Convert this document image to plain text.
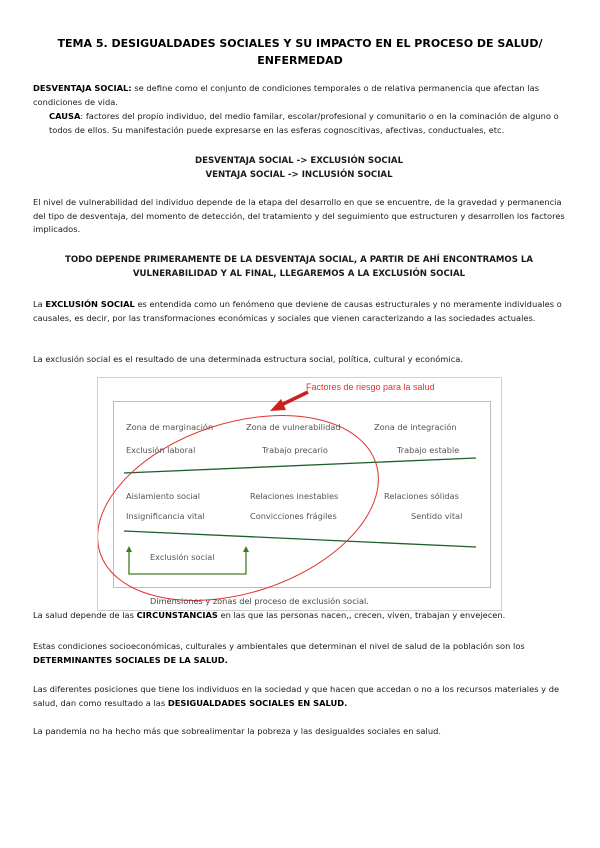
TEMA 5. DESIGUALDADES SOCIALES Y SU IMPACTO EN EL PROCESO DE SALUD/
ENFERMEDAD
DESVENTAJA SOCIAL: se define como el conjunto de condiciones temporales o de relativa permanencia que afectan las condiciones de vida.
CAUSA: factores del propio individuo, del medio familar, escolar/profesional y comunitario o en la cominación de alguno o todos de ellos. Su manifestación puede expresarse en las esferas cognoscitivas, afectivas, conductuales, etc.
DESVENTAJA SOCIAL -> EXCLUSIÓN SOCIAL
VENTAJA SOCIAL -> INCLUSIÓN SOCIAL
El nivel de vulnerabilidad del individuo depende de la etapa del desarrollo en que se encuentre, de la gravedad y permanencia del tipo de desventaja, del momento de detección, del tratamiento y del seguimiento que estructuren y desarrollen los factores implicados.
TODO DEPENDE PRIMERAMENTE DE LA DESVENTAJA SOCIAL, A PARTIR DE AHÍ ENCONTRAMOS LA
VULNERABILIDAD Y AL FINAL, LLEGAREMOS A LA EXCLUSIÓN SOCIAL
La EXCLUSIÓN SOCIAL es entendida como un fenómeno que deviene de causas estructurales y no meramente individuales o causales, es decir, por las transformaciones económicas y sociales que vienen caracterizando a las sociedades actuales.
La exclusión social es el resultado de una determinada estructura social, política, cultural y económica.
Factores de riesgo para la salud
Zona de marginación	Zona de vulnerabilidad	Zona de integración
Exclusión laboral	Trabajo precario	Trabajo estable
Aislamiento social	Relaciones inestables	Relaciones sólidas
Insignificancia vital	Convicciones frágiles	Sentido vital
Exclusión social
Dimensiones y zonas del proceso de exclusión social.
La salud depende de las CIRCUNSTANCIAS en las que las personas nacen,, crecen, viven, trabajan y envejecen.
Estas condiciones socioeconómicas, culturales y ambientales que determinan el nivel de salud de la población son los DETERMINANTES SOCIALES DE LA SALUD.
Las diferentes posiciones que tiene los individuos en la sociedad y que hacen que accedan o no a los recursos materiales y de salud, dan como resultado a las DESIGUALDADES SOCIALES EN SALUD.
La pandemia no ha hecho más que sobrealimentar la pobreza y las desigualdes sociales en salud.
